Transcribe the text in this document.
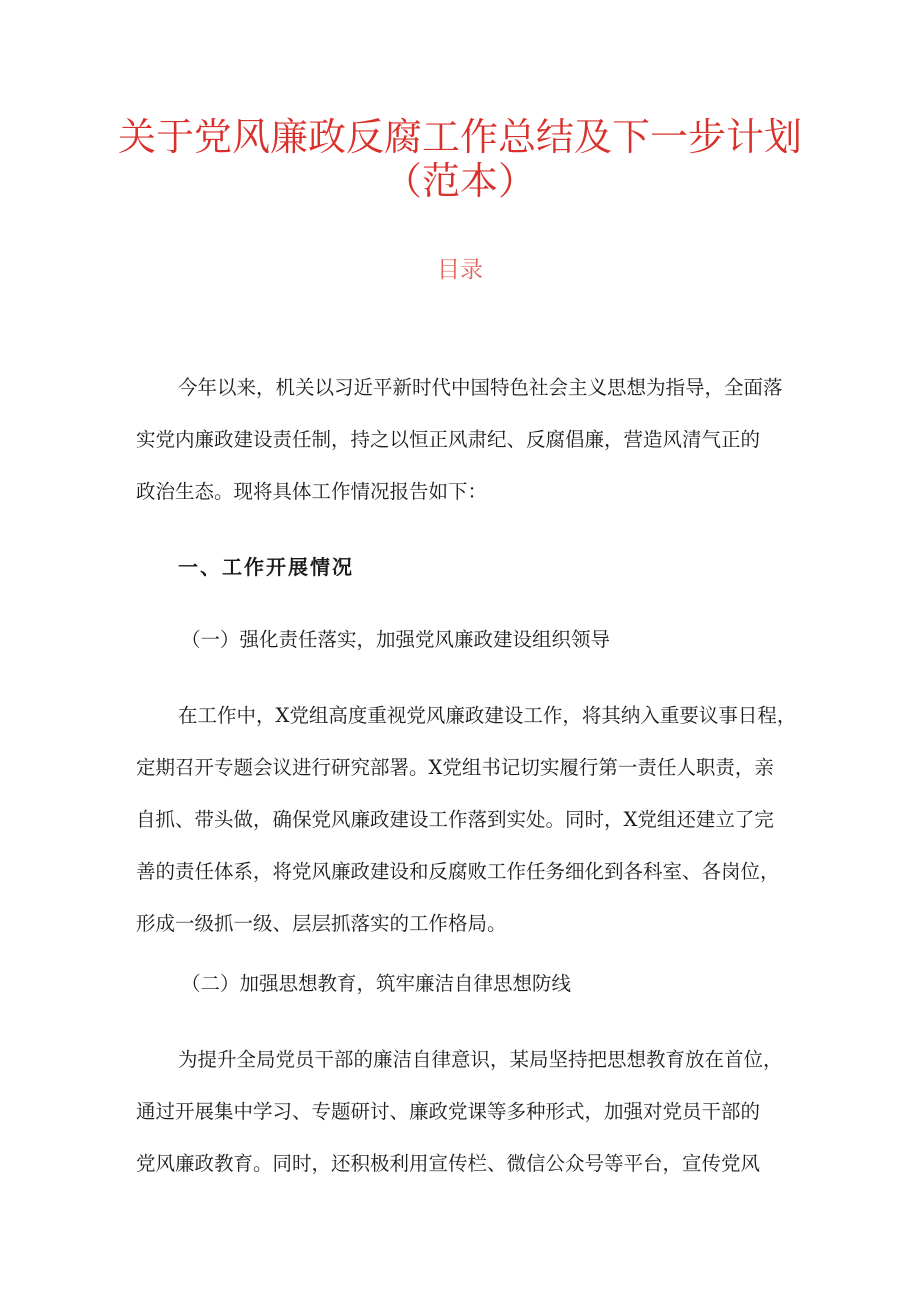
关于党风廉政反腐工作总结及下一步计划
（范本）
目录
今年以来，机关以习近平新时代中国特色社会主义思想为指导，全面落
实党内廉政建设责任制，持之以恒正风肃纪、反腐倡廉，营造风清气正的
政治生态。现将具体工作情况报告如下：
一、工作开展情况
（一）强化责任落实，加强党风廉政建设组织领导
在工作中，X党组高度重视党风廉政建设工作，将其纳入重要议事日程，
定期召开专题会议进行研究部署。X党组书记切实履行第一责任人职责，亲
自抓、带头做，确保党风廉政建设工作落到实处。同时，X党组还建立了完
善的责任体系，将党风廉政建设和反腐败工作任务细化到各科室、各岗位，
形成一级抓一级、层层抓落实的工作格局。
（二）加强思想教育，筑牢廉洁自律思想防线
为提升全局党员干部的廉洁自律意识，某局坚持把思想教育放在首位，
通过开展集中学习、专题研讨、廉政党课等多种形式，加强对党员干部的
党风廉政教育。同时，还积极利用宣传栏、微信公众号等平台，宣传党风
